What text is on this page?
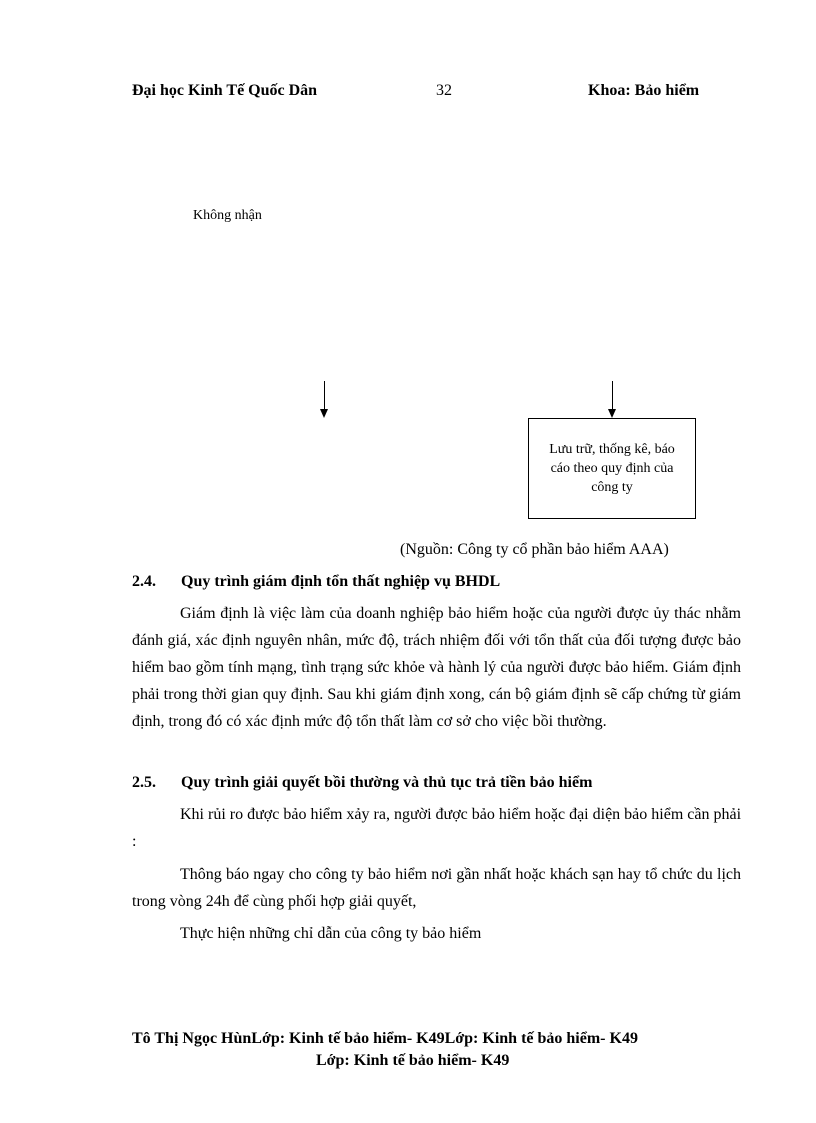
Đại học Kinh Tế Quốc Dân	32	Khoa: Bảo hiểm
Không nhận
Lưu trữ, thống kê, báo cáo theo quy định của công ty
(Nguồn: Công ty cổ phần bảo hiểm AAA)
2.4. Quy trình giám định tổn thất nghiệp vụ BHDL
Giám định là việc làm của doanh nghiệp bảo hiểm hoặc của người được ủy thác nhằm đánh giá, xác định nguyên nhân, mức độ, trách nhiệm đối với tổn thất của đối tượng được bảo hiểm bao gồm tính mạng, tình trạng sức khỏe và hành lý của người được bảo hiểm. Giám định phải trong thời gian quy định. Sau khi giám định xong, cán bộ giám định sẽ cấp chứng từ giám định, trong đó có xác định mức độ tổn thất làm cơ sở cho việc bồi thường.
2.5. Quy trình giải quyết bồi thường và thủ tục trả tiền bảo hiểm
Khi rủi ro được bảo hiểm xảy ra, người được bảo hiểm hoặc đại diện bảo hiểm cần phải :
Thông báo ngay cho công ty bảo hiểm nơi gần nhất hoặc khách sạn hay tổ chức du lịch trong vòng 24h để cùng phối hợp giải quyết,
Thực hiện những chỉ dẫn của công ty bảo hiểm
Tô Thị Ngọc HùnLớp: Kinh tế bảo hiểm- K49Lớp: Kinh tế bảo hiểm- K49
Lớp: Kinh tế bảo hiểm- K49
